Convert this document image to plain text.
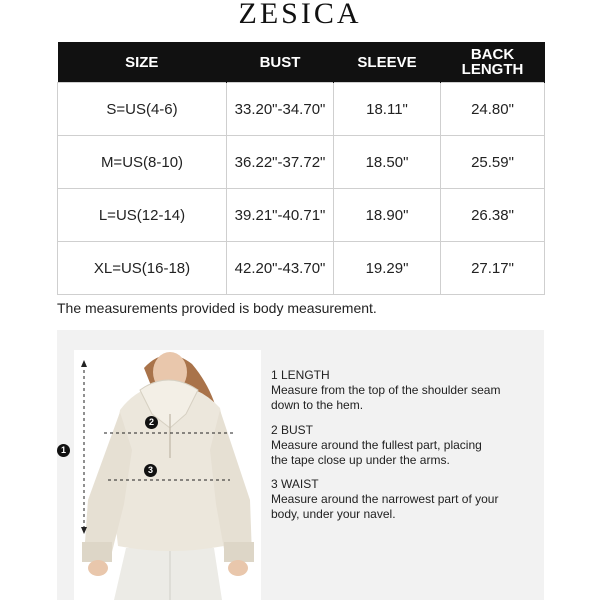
ZESICA
SIZE	BUST	SLEEVE	BACK LENGTH
S=US(4-6)	33.20"-34.70"	18.11"	24.80"
M=US(8-10)	36.22"-37.72"	18.50"	25.59"
L=US(12-14)	39.21"-40.71"	18.90"	26.38"
XL=US(16-18)	42.20"-43.70"	19.29"	27.17"
The measurements provided is body measurement.
1
2
3
1 LENGTH
Measure from the top of the shoulder seam down to the hem.
2 BUST
Measure around the fullest part, placing the tape close up under the arms.
3 WAIST
Measure around the narrowest part of your body, under your navel.
